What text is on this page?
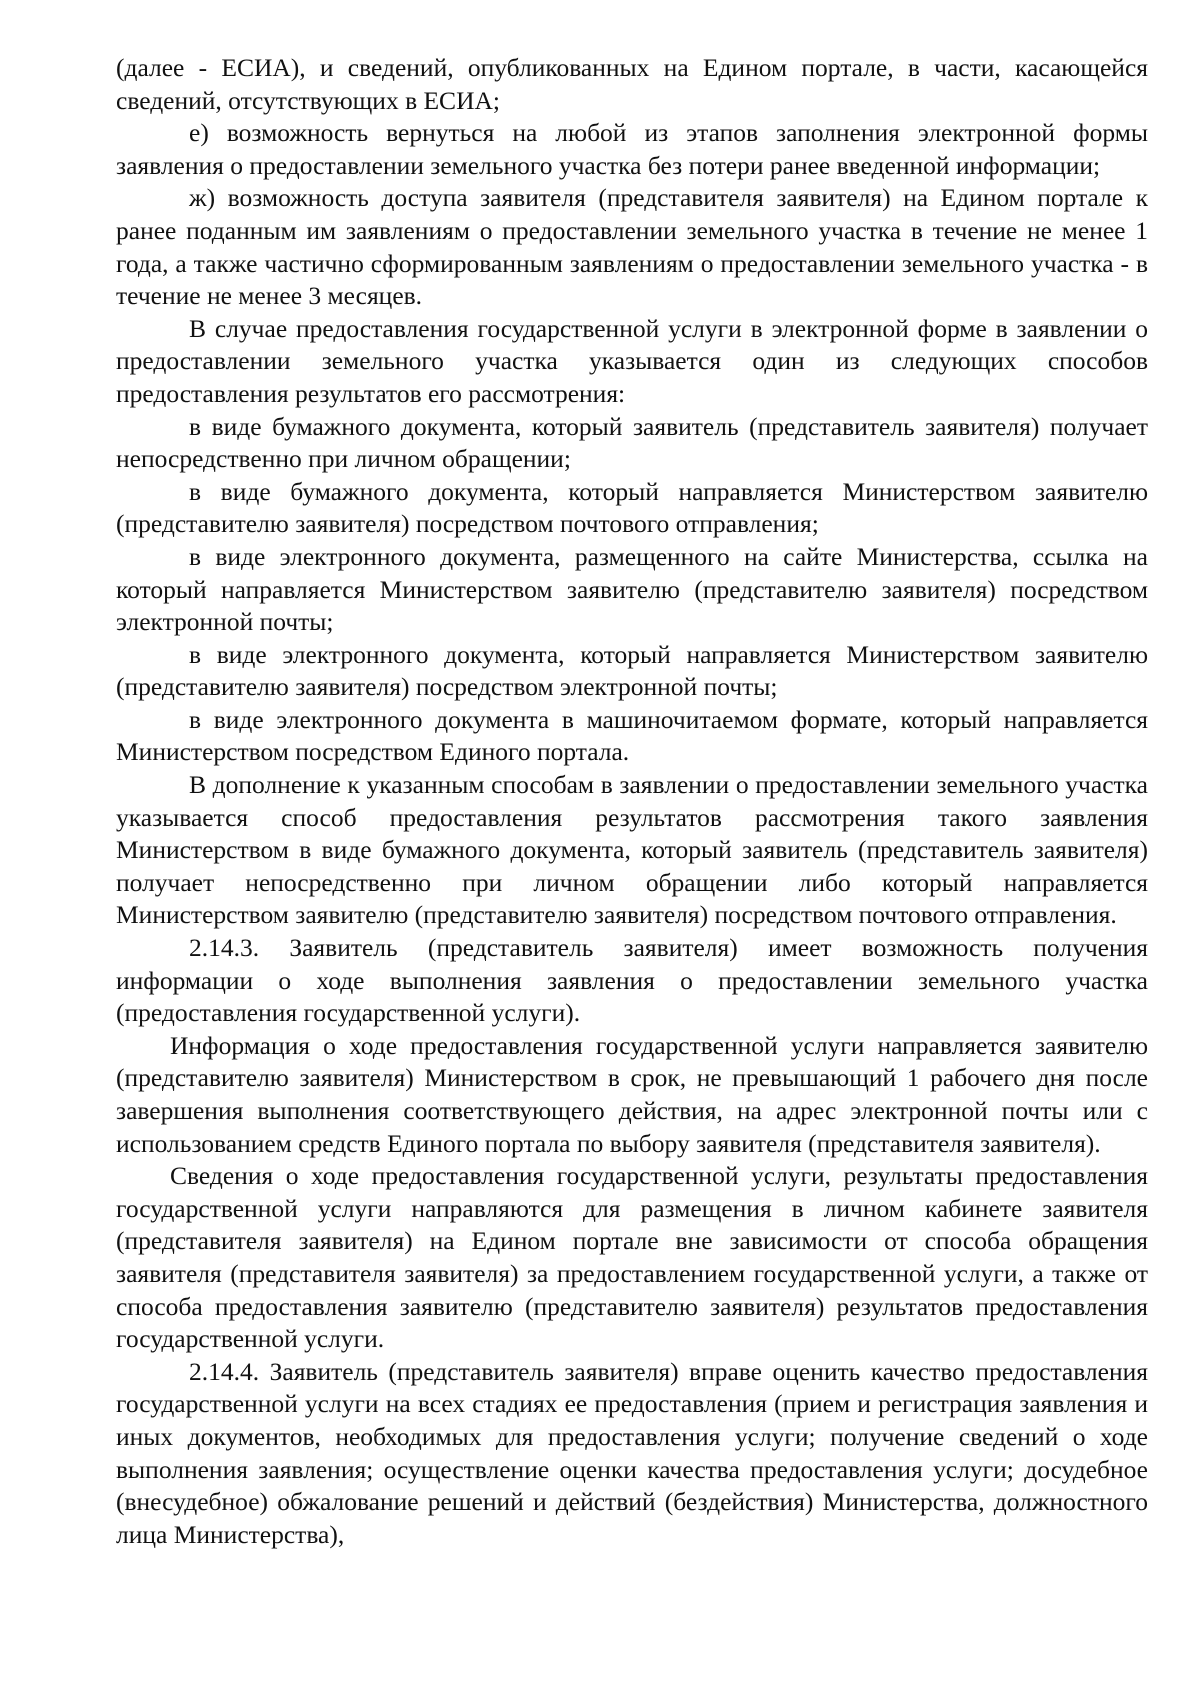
(далее - ЕСИА), и сведений, опубликованных на Едином портале, в части, касающейся сведений, отсутствующих в ЕСИА;

е) возможность вернуться на любой из этапов заполнения электронной формы заявления о предоставлении земельного участка без потери ранее введенной информации;

ж) возможность доступа заявителя (представителя заявителя) на Едином портале к ранее поданным им заявлениям о предоставлении земельного участка в течение не менее 1 года, а также частично сформированным заявлениям о предоставлении земельного участка - в течение не менее 3 месяцев.

В случае предоставления государственной услуги в электронной форме в заявлении о предоставлении земельного участка указывается один из следующих способов предоставления результатов его рассмотрения:

в виде бумажного документа, который заявитель (представитель заявителя) получает непосредственно при личном обращении;

в виде бумажного документа, который направляется Министерством заявителю (представителю заявителя) посредством почтового отправления;

в виде электронного документа, размещенного на сайте Министерства, ссылка на который направляется Министерством заявителю (представителю заявителя) посредством электронной почты;

в виде электронного документа, который направляется Министерством заявителю (представителю заявителя) посредством электронной почты;

в виде электронного документа в машиночитаемом формате, который направляется Министерством посредством Единого портала.

В дополнение к указанным способам в заявлении о предоставлении земельного участка указывается способ предоставления результатов рассмотрения такого заявления Министерством в виде бумажного документа, который заявитель (представитель заявителя) получает непосредственно при личном обращении либо который направляется Министерством заявителю (представителю заявителя) посредством почтового отправления.

2.14.3. Заявитель (представитель заявителя) имеет возможность получения информации о ходе выполнения заявления о предоставлении земельного участка (предоставления государственной услуги).

Информация о ходе предоставления государственной услуги направляется заявителю (представителю заявителя) Министерством в срок, не превышающий 1 рабочего дня после завершения выполнения соответствующего действия, на адрес электронной почты или с использованием средств Единого портала по выбору заявителя (представителя заявителя).

Сведения о ходе предоставления государственной услуги, результаты предоставления государственной услуги направляются для размещения в личном кабинете заявителя (представителя заявителя) на Едином портале вне зависимости от способа обращения заявителя (представителя заявителя) за предоставлением государственной услуги, а также от способа предоставления заявителю (представителю заявителя) результатов предоставления государственной услуги.

2.14.4. Заявитель (представитель заявителя) вправе оценить качество предоставления государственной услуги на всех стадиях ее предоставления (прием и регистрация заявления и иных документов, необходимых для предоставления услуги; получение сведений о ходе выполнения заявления; осуществление оценки качества предоставления услуги; досудебное (внесудебное) обжалование решений и действий (бездействия) Министерства, должностного лица Министерства),
